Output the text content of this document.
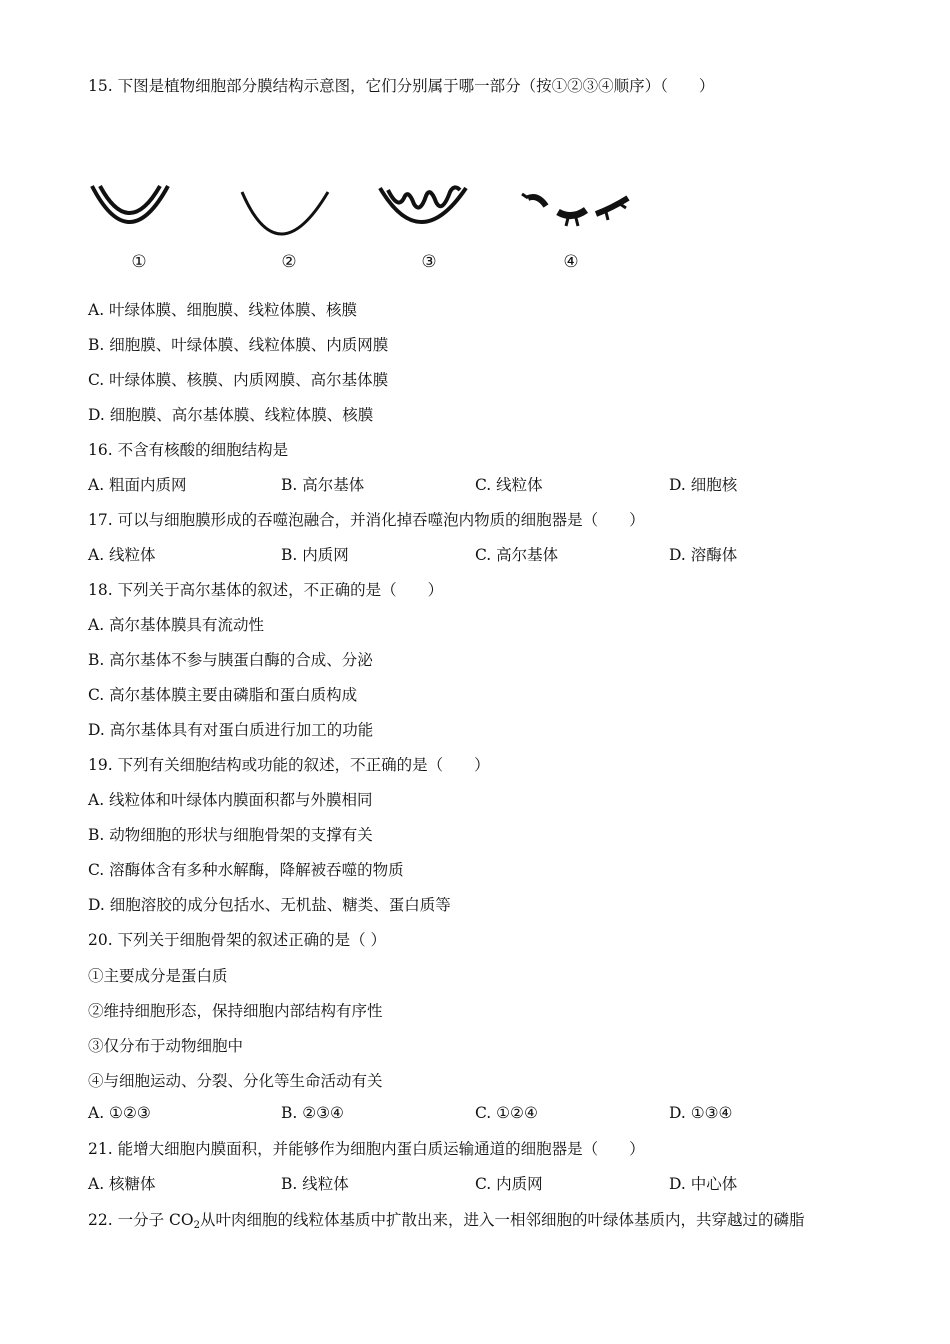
15. 下图是植物细胞部分膜结构示意图，它们分别属于哪一部分（按①②③④顺序）（　　）
①	②	③	④
A. 叶绿体膜、细胞膜、线粒体膜、核膜
B. 细胞膜、叶绿体膜、线粒体膜、内质网膜
C. 叶绿体膜、核膜、内质网膜、高尔基体膜
D. 细胞膜、高尔基体膜、线粒体膜、核膜
16. 不含有核酸的细胞结构是
A. 粗面内质网	B. 高尔基体	C. 线粒体	D. 细胞核
17. 可以与细胞膜形成的吞噬泡融合，并消化掉吞噬泡内物质的细胞器是（　　）
A. 线粒体	B. 内质网	C. 高尔基体	D. 溶酶体
18. 下列关于高尔基体的叙述，不正确的是（　　）
A. 高尔基体膜具有流动性
B. 高尔基体不参与胰蛋白酶的合成、分泌
C. 高尔基体膜主要由磷脂和蛋白质构成
D. 高尔基体具有对蛋白质进行加工的功能
19. 下列有关细胞结构或功能的叙述，不正确的是（　　）
A. 线粒体和叶绿体内膜面积都与外膜相同
B. 动物细胞的形状与细胞骨架的支撑有关
C. 溶酶体含有多种水解酶，降解被吞噬的物质
D. 细胞溶胶的成分包括水、无机盐、糖类、蛋白质等
20. 下列关于细胞骨架的叙述正确的是（ ）
①主要成分是蛋白质
②维持细胞形态，保持细胞内部结构有序性
③仅分布于动物细胞中
④与细胞运动、分裂、分化等生命活动有关
A. ①②③	B. ②③④	C. ①②④	D. ①③④
21. 能增大细胞内膜面积，并能够作为细胞内蛋白质运输通道的细胞器是（　　）
A. 核糖体	B. 线粒体	C. 内质网	D. 中心体
22. 一分子 $CO_2$从叶肉细胞的线粒体基质中扩散出来，进入一相邻细胞的叶绿体基质内，共穿越过的磷脂
